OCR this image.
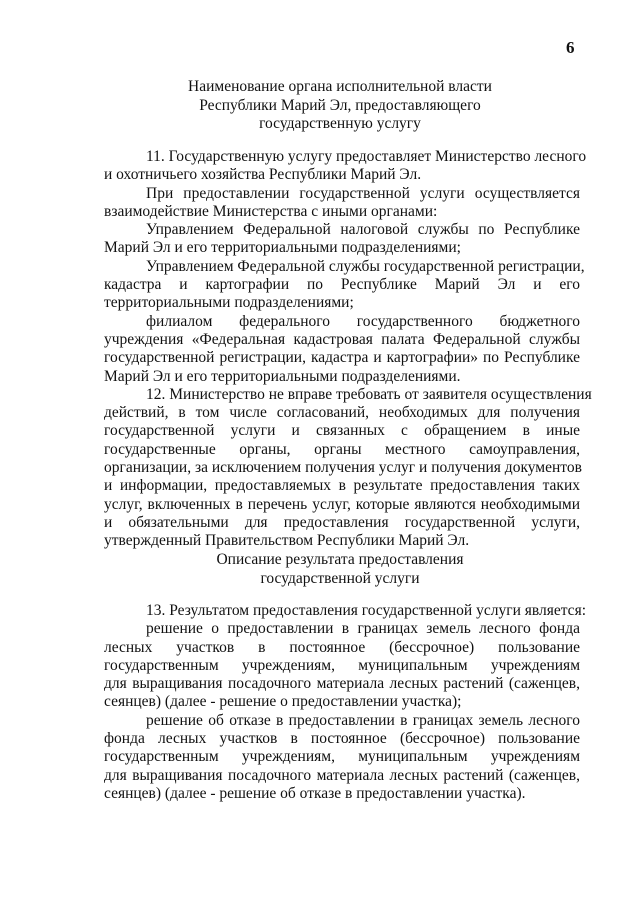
6
Наименование органа исполнительной власти
Республики Марий Эл, предоставляющего
государственную услугу
11. Государственную услугу предоставляет Министерство лесного
и охотничьего хозяйства Республики Марий Эл.
При предоставлении государственной услуги осуществляется
взаимодействие Министерства с иными органами:
Управлением Федеральной налоговой службы по Республике
Марий Эл и его территориальными подразделениями;
Управлением Федеральной службы государственной регистрации,
кадастра и картографии по Республике Марий Эл и его
территориальными подразделениями;
филиалом федерального государственного бюджетного
учреждения «Федеральная кадастровая палата Федеральной службы
государственной регистрации, кадастра и картографии» по Республике
Марий Эл и его территориальными подразделениями.
12. Министерство не вправе требовать от заявителя осуществления
действий, в том числе согласований, необходимых для получения
государственной услуги и связанных с обращением в иные
государственные органы, органы местного самоуправления,
организации, за исключением получения услуг и получения документов
и информации, предоставляемых в результате предоставления таких
услуг, включенных в перечень услуг, которые являются необходимыми
и обязательными для предоставления государственной услуги,
утвержденный Правительством Республики Марий Эл.
Описание результата предоставления
государственной услуги
13. Результатом предоставления государственной услуги является:
решение о предоставлении в границах земель лесного фонда
лесных участков в постоянное (бессрочное) пользование
государственным учреждениям, муниципальным учреждениям
для выращивания посадочного материала лесных растений (саженцев,
сеянцев) (далее - решение о предоставлении участка);
решение об отказе в предоставлении в границах земель лесного
фонда лесных участков в постоянное (бессрочное) пользование
государственным учреждениям, муниципальным учреждениям
для выращивания посадочного материала лесных растений (саженцев,
сеянцев) (далее - решение об отказе в предоставлении участка).
